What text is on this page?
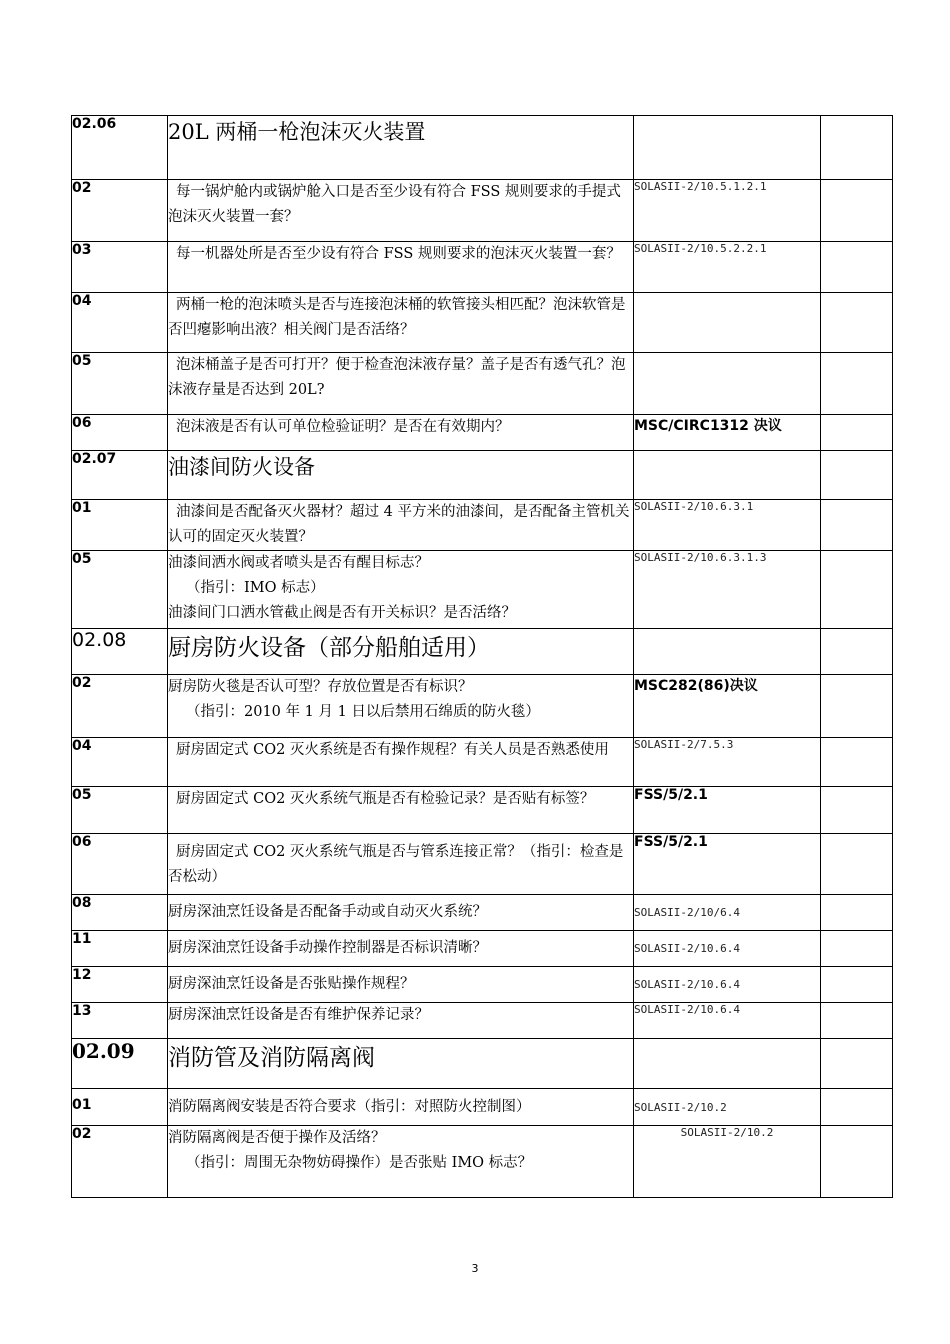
02.06	20L 两桶一枪泡沫灭火装置		
02	每一锅炉舱内或锅炉舱入口是否至少设有符合 FSS 规则要求的手提式泡沫灭火装置一套？	SOLASII-2/10.5.1.2.1	
03	每一机器处所是否至少设有符合 FSS 规则要求的泡沫灭火装置一套？	SOLASII-2/10.5.2.2.1	
04	两桶一枪的泡沫喷头是否与连接泡沫桶的软管接头相匹配？泡沫软管是否凹瘪影响出液？相关阀门是否活络？		
05	泡沫桶盖子是否可打开？便于检查泡沫液存量？盖子是否有透气孔？泡沫液存量是否达到 20L?		
06	泡沫液是否有认可单位检验证明？是否在有效期内？	MSC/CIRC1312 决议	
02.07	油漆间防火设备		
01	油漆间是否配备灭火器材？超过 4 平方米的油漆间，是否配备主管机关认可的固定灭火装置？	SOLASII-2/10.6.3.1	
05	油漆间洒水阀或者喷头是否有醒目标志？

（指引：IMO 标志）

油漆间门口洒水管截止阀是否有开关标识？是否活络？	SOLASII-2/10.6.3.1.3	
02.08	厨房防火设备（部分船舶适用）		
02	厨房防火毯是否认可型？存放位置是否有标识？

（指引：2010 年 1 月 1 日以后禁用石绵质的防火毯）	MSC282(86)决议	
04	厨房固定式 CO2 灭火系统是否有操作规程？有关人员是否熟悉使用	SOLASII-2/7.5.3	
05	厨房固定式 CO2 灭火系统气瓶是否有检验记录？是否贴有标签？	FSS/5/2.1	
06	厨房固定式 CO2 灭火系统气瓶是否与管系连接正常？（指引：检查是否松动）	FSS/5/2.1	
08	厨房深油烹饪设备是否配备手动或自动灭火系统？	SOLASII-2/10/6.4	
11	厨房深油烹饪设备手动操作控制器是否标识清晰？	SOLASII-2/10.6.4	
12	厨房深油烹饪设备是否张贴操作规程？	SOLASII-2/10.6.4	
13	厨房深油烹饪设备是否有维护保养记录？	SOLASII-2/10.6.4	
02.09	消防管及消防隔离阀		
01	消防隔离阀安装是否符合要求（指引：对照防火控制图）	SOLASII-2/10.2	
02	消防隔离阀是否便于操作及活络？

（指引：周围无杂物妨碍操作）是否张贴 IMO 标志？	SOLASII-2/10.2	
3
